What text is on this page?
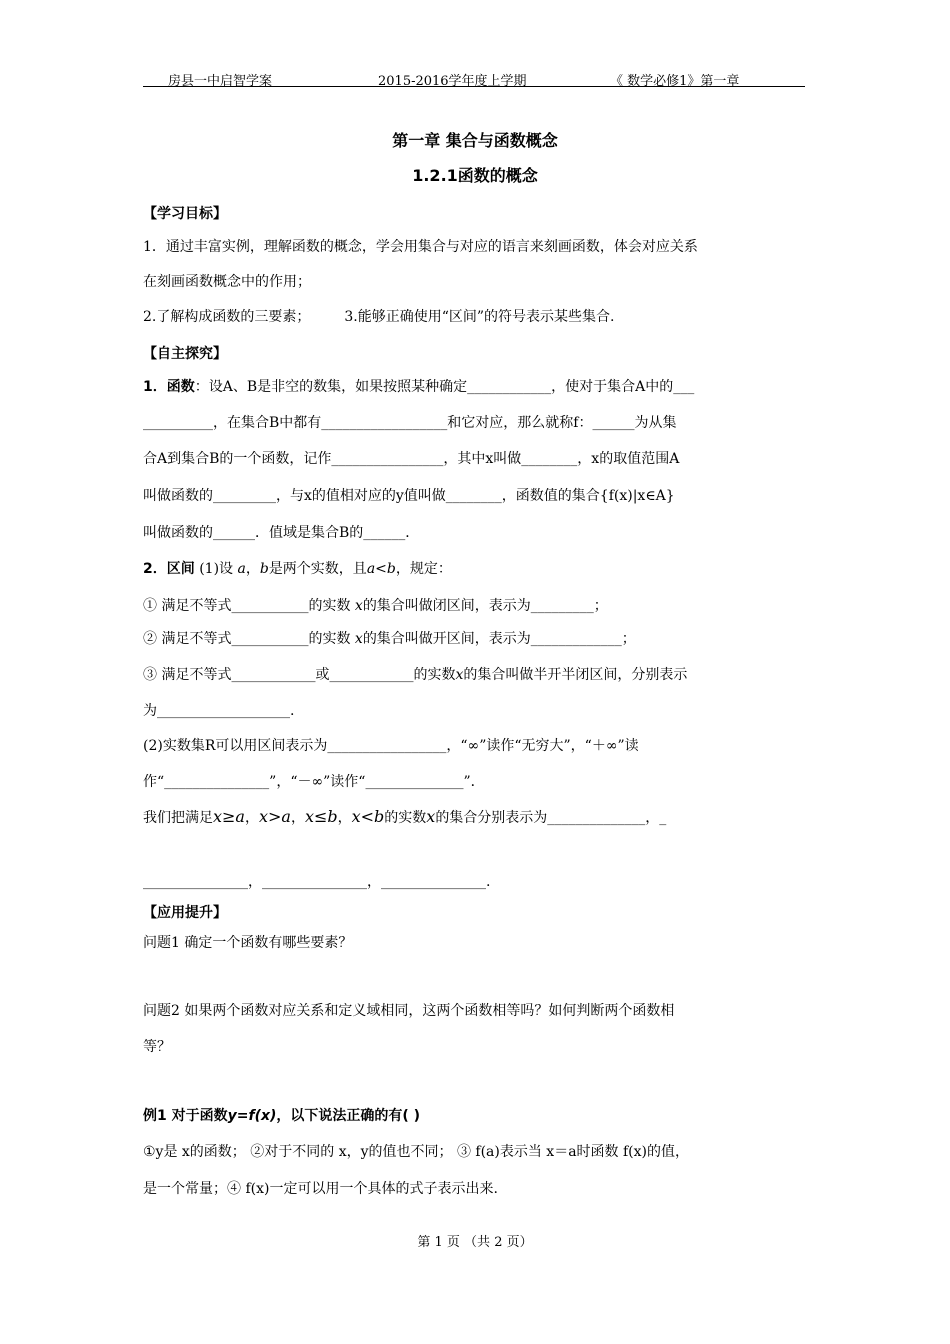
房县一中启智学案	2015-2016学年度上学期	《 数学必修1》第一章
第一章 集合与函数概念
1.2.1函数的概念
【学习目标】
1．通过丰富实例，理解函数的概念，学会用集合与对应的语言来刻画函数，体会对应关系
在刻画函数概念中的作用；
2.了解构成函数的三要素； 3.能够正确使用“区间”的符号表示某些集合.
【自主探究】
1．函数：设A、B是非空的数集，如果按照某种确定____________，使对于集合A中的___
__________，在集合B中都有__________________和它对应，那么就称f：______为从集
合A到集合B的一个函数，记作________________，其中x叫做________，x的取值范围A
叫做函数的_________，与x的值相对应的y值叫做________，函数值的集合{f(x)|x∈A}
叫做函数的______．值域是集合B的______．
2．区间 (1)设 a，b是两个实数，且a<b，规定：
① 满足不等式___________的实数 x的集合叫做闭区间，表示为_________；
② 满足不等式___________的实数 x的集合叫做开区间，表示为_____________；
③ 满足不等式____________或____________的实数x的集合叫做半开半闭区间，分别表示
为___________________.
(2)实数集R可以用区间表示为_________________，“∞”读作“无穷大”，“＋∞”读
作“_______________”，“－∞”读作“______________”．
我们把满足x≥a，x>a，x≤b，x<b的实数x的集合分别表示为______________，_
_______________，_______________，_______________.
【应用提升】
问题1 确定一个函数有哪些要素？
问题2 如果两个函数对应关系和定义域相同，这两个函数相等吗？如何判断两个函数相
等？
例1 对于函数y=f(x)，以下说法正确的有( )
①y是 x的函数； ②对于不同的 x，y的值也不同； ③ f(a)表示当 x＝a时函数 f(x)的值，
是一个常量；④ f(x)一定可以用一个具体的式子表示出来.
第 1 页 （共 2 页）
